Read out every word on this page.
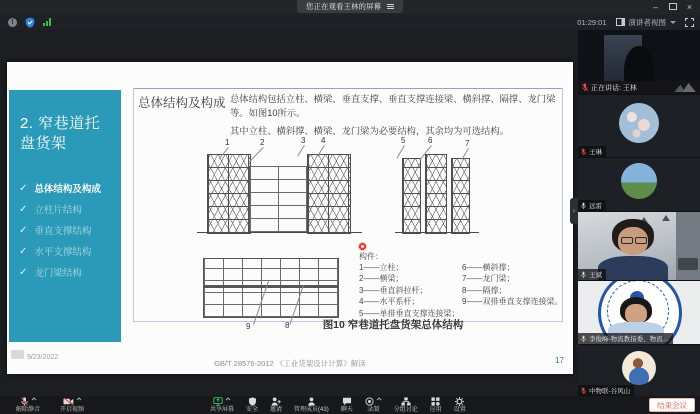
您正在观看王林的屏幕	–	×
!	01:29:01	演讲者视图
2. 窄巷道托盘货架
✓ 总体结构及构成
✓ 立柱片结构
✓ 垂直支撑结构
✓ 水平支撑结构
✓ 龙门梁结构
总体结构及构成 总体结构包括立柱、横梁、垂直支撑、垂直支撑连接梁、横斜撑、隔撑、龙门梁等。如图10所示。

其中立柱、横斜撑、横梁、龙门梁为必要结构，其余均为可选结构。

1	2	3 4	5	6	7
9	8
构件：
1——立柱；
2——横梁；
3——垂直斜拉杆；
4——水平系杆；
5——单排垂直支撑连接梁；
6——横斜撑；
7——龙门梁；
8——隔撑；
9——双排垂直支撑连接梁。
图10 窄巷道托盘货架总体结构
9/23/2022
GB/T 28576-2012 《工业货架设计计算》解读	17
›
正在讲话: 王林
王琳
远雷
王斌
李俊峰-物流教指委、物流…
中物联-谷风山
解除静音	开启视频	共享屏幕 安全 邀请 管理成员(43) 聊天 录制 分组讨论 应用 设置
结束会议
